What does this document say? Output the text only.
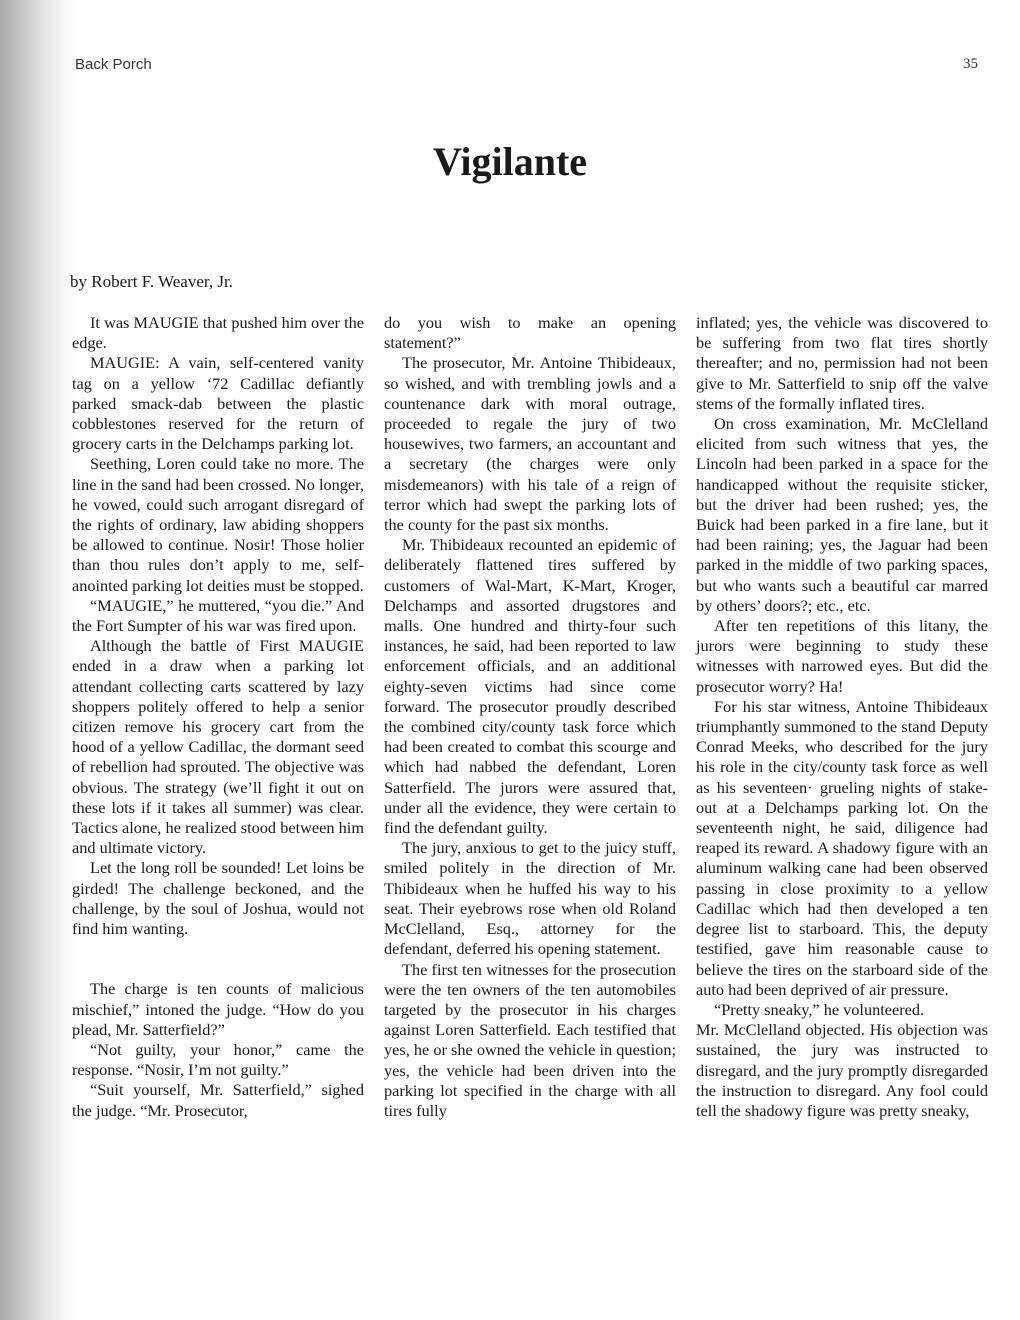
Back Porch	35
Vigilante
by Robert F. Weaver, Jr.

It was MAUGIE that pushed him over the edge.

MAUGIE: A vain, self-centered vanity tag on a yellow ‘72 Cadillac defiantly parked smack-dab between the plastic cobblestones reserved for the return of grocery carts in the Delchamps parking lot.

Seething, Loren could take no more. The line in the sand had been crossed. No longer, he vowed, could such arrogant disregard of the rights of ordinary, law abiding shoppers be allowed to continue. Nosir! Those holier than thou rules don’t apply to me, self-anointed parking lot deities must be stopped.

“MAUGIE,” he muttered, “you die.” And the Fort Sumpter of his war was fired upon.

Although the battle of First MAUGIE ended in a draw when a parking lot attendant collecting carts scattered by lazy shoppers politely offered to help a senior citizen remove his grocery cart from the hood of a yellow Cadillac, the dormant seed of rebellion had sprouted. The objective was obvious. The strategy (we’ll fight it out on these lots if it takes all summer) was clear. Tactics alone, he realized stood between him and ultimate victory.

Let the long roll be sounded! Let loins be girded! The challenge beckoned, and the challenge, by the soul of Joshua, would not find him wanting.

The charge is ten counts of malicious mischief,” intoned the judge. “How do you plead, Mr. Satterfield?”

“Not guilty, your honor,” came the response. “Nosir, I’m not guilty.”

“Suit yourself, Mr. Satterfield,” sighed the judge. “Mr. Prosecutor,

do you wish to make an opening statement?”

The prosecutor, Mr. Antoine Thibideaux, so wished, and with trembling jowls and a countenance dark with moral outrage, proceeded to regale the jury of two housewives, two farmers, an accountant and a secretary (the charges were only misdemeanors) with his tale of a reign of terror which had swept the parking lots of the county for the past six months.

Mr. Thibideaux recounted an epidemic of deliberately flattened tires suffered by customers of Wal-Mart, K-Mart, Kroger, Delchamps and assorted drugstores and malls. One hundred and thirty-four such instances, he said, had been reported to law enforcement officials, and an additional eighty-seven victims had since come forward. The prosecutor proudly described the combined city/county task force which had been created to combat this scourge and which had nabbed the defendant, Loren Satterfield. The jurors were assured that, under all the evidence, they were certain to find the defendant guilty.

The jury, anxious to get to the juicy stuff, smiled politely in the direction of Mr. Thibideaux when he huffed his way to his seat. Their eyebrows rose when old Roland McClelland, Esq., attorney for the defendant, deferred his opening statement.

The first ten witnesses for the prosecution were the ten owners of the ten automobiles targeted by the prosecutor in his charges against Loren Satterfield. Each testified that yes, he or she owned the vehicle in question; yes, the vehicle had been driven into the parking lot specified in the charge with all tires fully

inflated; yes, the vehicle was discovered to be suffering from two flat tires shortly thereafter; and no, permission had not been give to Mr. Satterfield to snip off the valve stems of the formally inflated tires.

On cross examination, Mr. McClelland elicited from such witness that yes, the Lincoln had been parked in a space for the handicapped without the requisite sticker, but the driver had been rushed; yes, the Buick had been parked in a fire lane, but it had been raining; yes, the Jaguar had been parked in the middle of two parking spaces, but who wants such a beautiful car marred by others’ doors?; etc., etc.

After ten repetitions of this litany, the jurors were beginning to study these witnesses with narrowed eyes. But did the prosecutor worry? Ha!

For his star witness, Antoine Thibideaux triumphantly summoned to the stand Deputy Conrad Meeks, who described for the jury his role in the city/county task force as well as his seventeen· grueling nights of stake-out at a Delchamps parking lot. On the seventeenth night, he said, diligence had reaped its reward. A shadowy figure with an aluminum walking cane had been observed passing in close proximity to a yellow Cadillac which had then developed a ten degree list to starboard. This, the deputy testified, gave him reasonable cause to believe the tires on the starboard side of the auto had been deprived of air pressure.

“Pretty sneaky,” he volunteered.

Mr. McClelland objected. His objection was sustained, the jury was instructed to disregard, and the jury promptly disregarded the instruction to disregard. Any fool could tell the shadowy figure was pretty sneaky,
